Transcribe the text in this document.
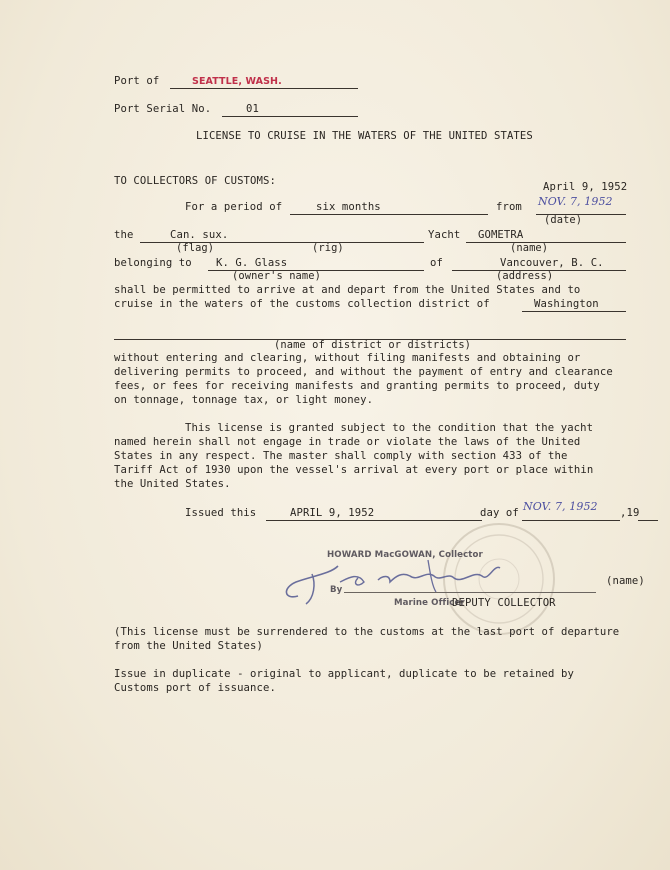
Port of	SEATTLE, WASH.
Port Serial No.	01
LICENSE TO CRUISE IN THE WATERS OF THE UNITED STATES
TO COLLECTORS OF CUSTOMS:	April 9, 1952
For a period of	six months	from NOV. 7, 1952
(date)
the	Can. sux.	Yacht GOMETRA
(flag)	(rig)	(name)
belonging to K. G. Glass	of	Vancouver, B. C.
(owner's name)	(address)
shall be permitted to arrive at and depart from the United States and to
cruise in the waters of the customs collection district of	Washington
(name of district or districts)
without entering and clearing, without filing manifests and obtaining or
delivering permits to proceed, and without the payment of entry and clearance
fees, or fees for receiving manifests and granting permits to proceed, duty
on tonnage, tonnage tax, or light money.
This license is granted subject to the condition that the yacht
named herein shall not engage in trade or violate the laws of the United
States in any respect. The master shall comply with section 433 of the
Tariff Act of 1930 upon the vessel's arrival at every port or place within
the United States.
Issued this	APRIL 9, 1952	day of NOV. 7, 1952 ,19
HOWARD MacGOWAN, Collector
By
(name)
Marine Officer
DEPUTY COLLECTOR
(This license must be surrendered to the customs at the last port of departure
from the United States)
Issue in duplicate - original to applicant, duplicate to be retained by
Customs port of issuance.
